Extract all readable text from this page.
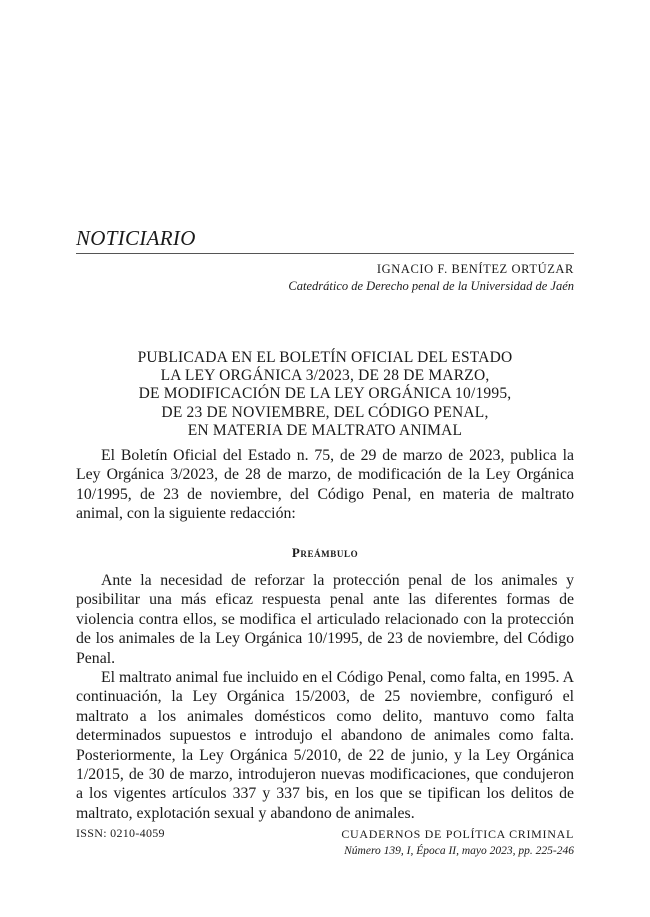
NOTICIARIO
IGNACIO F. BENÍTEZ ORTÚZAR
Catedrático de Derecho penal de la Universidad de Jaén
PUBLICADA EN EL BOLETÍN OFICIAL DEL ESTADO
LA LEY ORGÁNICA 3/2023, DE 28 DE MARZO,
DE MODIFICACIÓN DE LA LEY ORGÁNICA 10/1995,
DE 23 DE NOVIEMBRE, DEL CÓDIGO PENAL,
EN MATERIA DE MALTRATO ANIMAL

El Boletín Oficial del Estado n. 75, de 29 de marzo de 2023, publica la Ley Orgánica 3/2023, de 28 de marzo, de modificación de la Ley Orgánica 10/1995, de 23 de noviembre, del Código Penal, en materia de maltrato animal, con la siguiente redacción:

Preámbulo

Ante la necesidad de reforzar la protección penal de los animales y posibilitar una más eficaz respuesta penal ante las diferentes formas de violencia contra ellos, se modifica el articulado relacionado con la protección de los animales de la Ley Orgánica 10/1995, de 23 de noviembre, del Código Penal.

El maltrato animal fue incluido en el Código Penal, como falta, en 1995. A continuación, la Ley Orgánica 15/2003, de 25 noviembre, configuró el maltrato a los animales domésticos como delito, mantuvo como falta determinados supuestos e introdujo el abandono de animales como falta. Posteriormente, la Ley Orgánica 5/2010, de 22 de junio, y la Ley Orgánica 1/2015, de 30 de marzo, introdujeron nuevas modificaciones, que condujeron a los vigentes artículos 337 y 337 bis, en los que se tipifican los delitos de maltrato, explotación sexual y abandono de animales.

ISSN: 0210-4059	CUADERNOS DE POLÍTICA CRIMINAL
Número 139, I, Época II, mayo 2023, pp. 225-246
